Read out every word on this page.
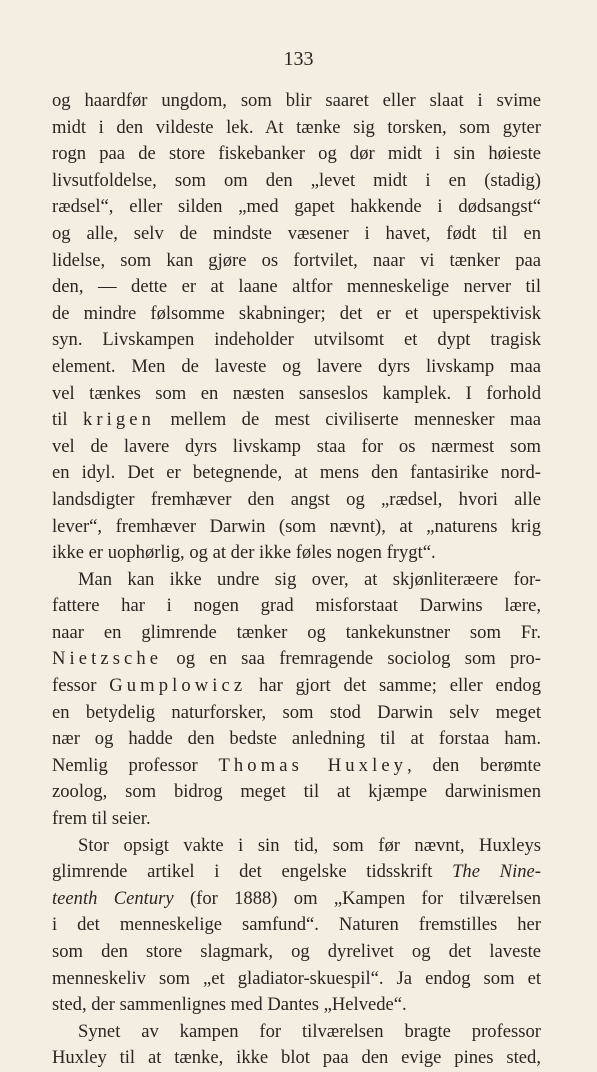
133
og haardfør ungdom, som blir saaret eller slaat i svime
midt i den vildeste lek. At tænke sig torsken, som gyter
rogn paa de store fiskebanker og dør midt i sin høieste
livsutfoldelse, som om den „levet midt i en (stadig)
rædsel“, eller silden „med gapet hakkende i dødsangst“
og alle, selv de mindste væsener i havet, født til en
lidelse, som kan gjøre os fortvilet, naar vi tænker paa
den, — dette er at laane altfor menneskelige nerver til
de mindre følsomme skabninger; det er et uperspektivisk
syn. Livskampen indeholder utvilsomt et dypt tragisk
element. Men de laveste og lavere dyrs livskamp maa
vel tænkes som en næsten sanseslos kamplek. I forhold
til krigen mellem de mest civiliserte mennesker maa
vel de lavere dyrs livskamp staa for os nærmest som
en idyl. Det er betegnende, at mens den fantasirike nord-
landsdigter fremhæver den angst og „rædsel, hvori alle
lever“, fremhæver Darwin (som nævnt), at „naturens krig
ikke er uophørlig, og at der ikke føles nogen frygt“.
Man kan ikke undre sig over, at skjønliteræere for-
fattere har i nogen grad misforstaat Darwins lære,
naar en glimrende tænker og tankekunstner som Fr.
Nietzsche og en saa fremragende sociolog som pro-
fessor Gumplowicz har gjort det samme; eller endog
en betydelig naturforsker, som stod Darwin selv meget
nær og hadde den bedste anledning til at forstaa ham.
Nemlig professor Thomas Huxley, den berømte
zoolog, som bidrog meget til at kjæmpe darwinismen
frem til seier.
Stor opsigt vakte i sin tid, som før nævnt, Huxleys
glimrende artikel i det engelske tidsskrift The Nine-
teenth Century (for 1888) om „Kampen for tilværelsen
i det menneskelige samfund“. Naturen fremstilles her
som den store slagmark, og dyrelivet og det laveste
menneskeliv som „et gladiator-skuespil“. Ja endog som et
sted, der sammenlignes med Dantes „Helvede“.
Synet av kampen for tilværelsen bragte professor
Huxley til at tænke, ikke blot paa den evige pines sted,
